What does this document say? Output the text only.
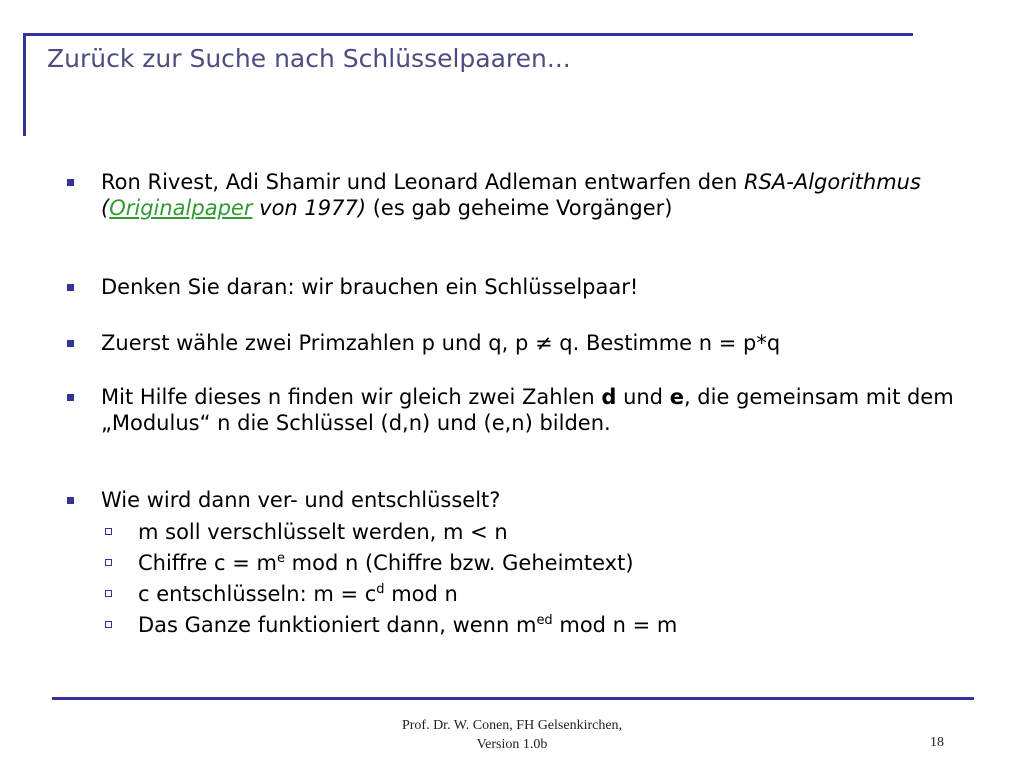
Zurück zur Suche nach Schlüsselpaaren...
Ron Rivest, Adi Shamir und Leonard Adleman entwarfen den RSA-Algorithmus (Originalpaper von 1977) (es gab geheime Vorgänger)
Denken Sie daran: wir brauchen ein Schlüsselpaar!
Zuerst wähle zwei Primzahlen p und q, p ≠ q. Bestimme n = p*q
Mit Hilfe dieses n finden wir gleich zwei Zahlen d und e, die gemeinsam mit dem „Modulus“ n die Schlüssel (d,n) und (e,n) bilden.
Wie wird dann ver- und entschlüsselt?
m soll verschlüsselt werden, m < n
Chiffre $c = m^e$ mod n (Chiffre bzw. Geheimtext)
c entschlüsseln: $m = c^d$ mod n
Das Ganze funktioniert dann, wenn $m^{ed}$ mod n = m
Prof. Dr. W. Conen, FH Gelsenkirchen,
Version 1.0b	18
